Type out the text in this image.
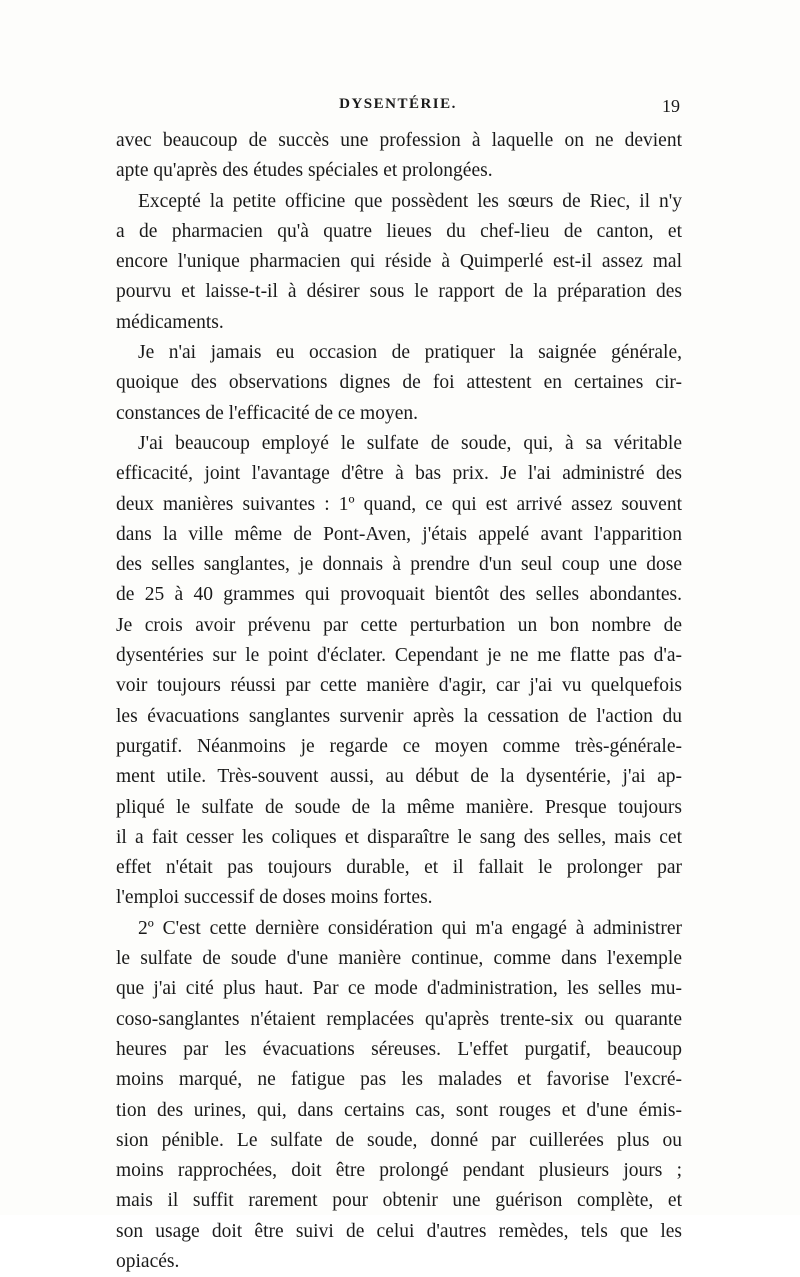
DYSENTÉRIE.	19
avec beaucoup de succès une profession à laquelle on ne devient
apte qu'après des études spéciales et prolongées.
Excepté la petite officine que possèdent les sœurs de Riec, il n'y
a de pharmacien qu'à quatre lieues du chef-lieu de canton, et
encore l'unique pharmacien qui réside à Quimperlé est-il assez mal
pourvu et laisse-t-il à désirer sous le rapport de la préparation des
médicaments.
Je n'ai jamais eu occasion de pratiquer la saignée générale,
quoique des observations dignes de foi attestent en certaines cir-
constances de l'efficacité de ce moyen.
J'ai beaucoup employé le sulfate de soude, qui, à sa véritable
efficacité, joint l'avantage d'être à bas prix. Je l'ai administré des
deux manières suivantes : 1º quand, ce qui est arrivé assez souvent
dans la ville même de Pont-Aven, j'étais appelé avant l'apparition
des selles sanglantes, je donnais à prendre d'un seul coup une dose
de 25 à 40 grammes qui provoquait bientôt des selles abondantes.
Je crois avoir prévenu par cette perturbation un bon nombre de
dysentéries sur le point d'éclater. Cependant je ne me flatte pas d'a-
voir toujours réussi par cette manière d'agir, car j'ai vu quelquefois
les évacuations sanglantes survenir après la cessation de l'action du
purgatif. Néanmoins je regarde ce moyen comme très-générale-
ment utile. Très-souvent aussi, au début de la dysentérie, j'ai ap-
pliqué le sulfate de soude de la même manière. Presque toujours
il a fait cesser les coliques et disparaître le sang des selles, mais cet
effet n'était pas toujours durable, et il fallait le prolonger par
l'emploi successif de doses moins fortes.
2º C'est cette dernière considération qui m'a engagé à administrer
le sulfate de soude d'une manière continue, comme dans l'exemple
que j'ai cité plus haut. Par ce mode d'administration, les selles mu-
coso-sanglantes n'étaient remplacées qu'après trente-six ou quarante
heures par les évacuations séreuses. L'effet purgatif, beaucoup
moins marqué, ne fatigue pas les malades et favorise l'excré-
tion des urines, qui, dans certains cas, sont rouges et d'une émis-
sion pénible. Le sulfate de soude, donné par cuillerées plus ou
moins rapprochées, doit être prolongé pendant plusieurs jours ;
mais il suffit rarement pour obtenir une guérison complète, et
son usage doit être suivi de celui d'autres remèdes, tels que les
opiacés.
